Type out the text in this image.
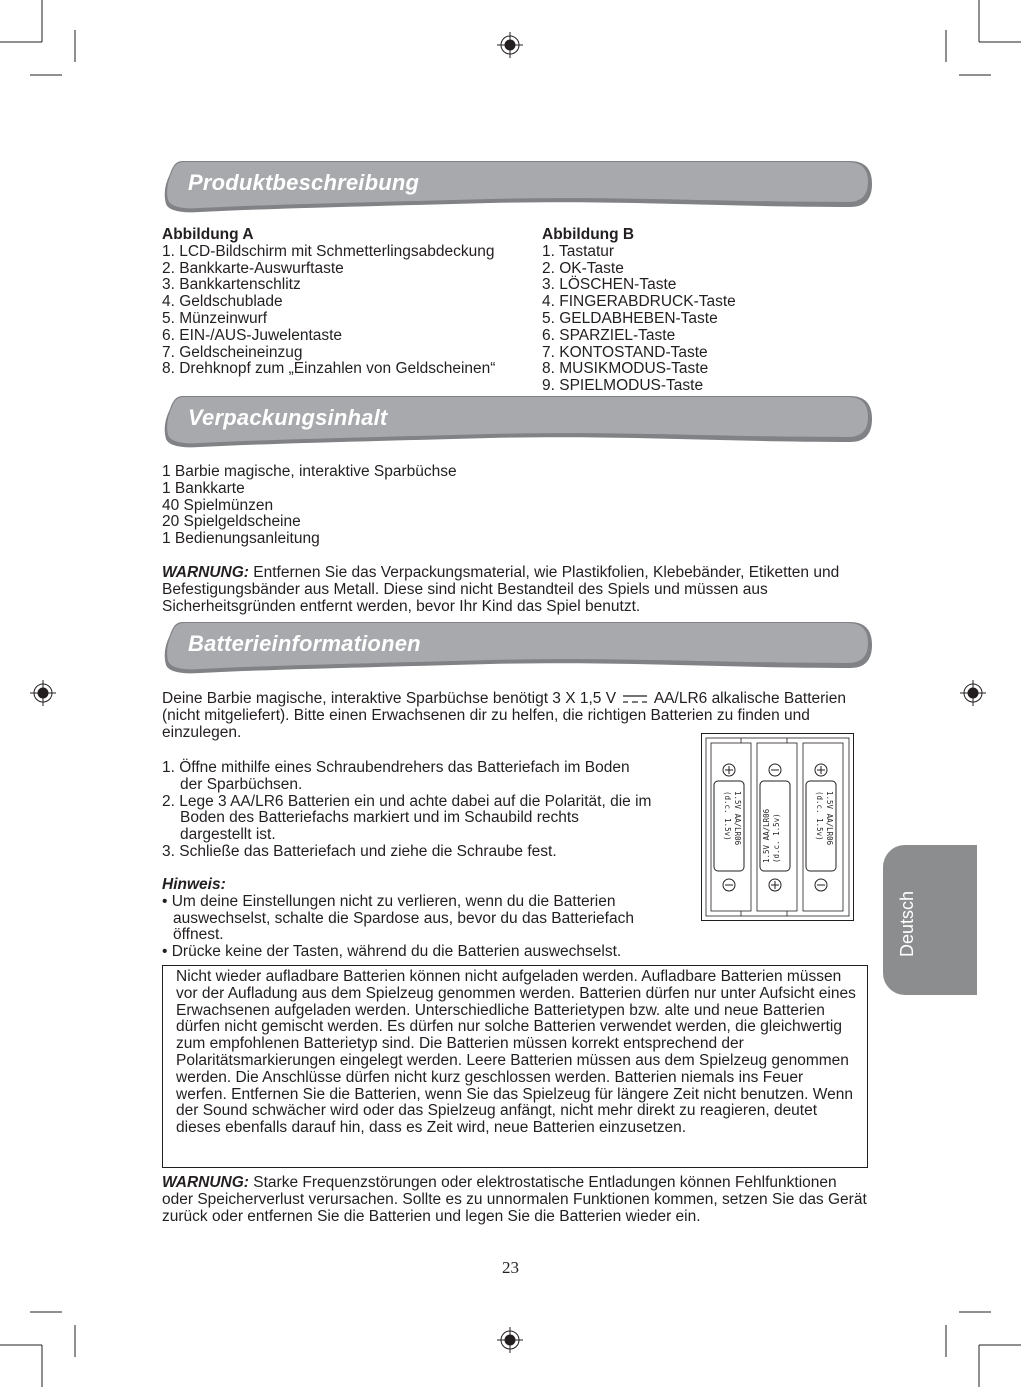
Produktbeschreibung

Abbildung A

1. LCD-Bildschirm mit Schmetterlingsabdeckung

2. Bankkarte-Auswurftaste

3. Bankkartenschlitz

4. Geldschublade

5. Münzeinwurf

6. EIN-/AUS-Juwelentaste

7. Geldscheineinzug

8. Drehknopf zum „Einzahlen von Geldscheinen“

Abbildung B

1. Tastatur

2. OK-Taste

3. LÖSCHEN-Taste

4. FINGERABDRUCK-Taste

5. GELDABHEBEN-Taste

6. SPARZIEL-Taste

7. KONTOSTAND-Taste

8. MUSIKMODUS-Taste

9. SPIELMODUS-Taste

Verpackungsinhalt

1 Barbie magische, interaktive Sparbüchse

1 Bankkarte

40 Spielmünzen

20 Spielgeldscheine

1 Bedienungsanleitung

WARNUNG: Entfernen Sie das Verpackungsmaterial, wie Plastikfolien, Klebebänder, Etiketten und Befestigungsbänder aus Metall. Diese sind nicht Bestandteil des Spiels und müssen aus Sicherheitsgründen entfernt werden, bevor Ihr Kind das Spiel benutzt.

Batterieinformationen

Deine Barbie magische, interaktive Sparbüchse benötigt 3 X 1,5 V  AA/LR6 alkalische Batterien (nicht mitgeliefert). Bitte einen Erwachsenen dir zu helfen, die richtigen Batterien zu finden und einzulegen.

1. Öffne mithilfe eines Schraubendrehers das Batteriefach im Boden der Sparbüchsen.

2. Lege 3 AA/LR6 Batterien ein und achte dabei auf die Polarität, die im Boden des Batteriefachs markiert und im Schaubild rechts dargestellt ist.

3. Schließe das Batteriefach und ziehe die Schraube fest.

Hinweis:

• Um deine Einstellungen nicht zu verlieren, wenn du die Batterien auswechselst, schalte die Spardose aus, bevor du das Batteriefach öffnest.

• Drücke keine der Tasten, während du die Batterien auswechselst.

1.5V AA/LR06
(d.c. 1.5v)	1.5V AA/LR06 (d.c. 1.5v)	1.5V AA/LR06
(d.c. 1.5v)
Deutsch

Nicht wieder aufladbare Batterien können nicht aufgeladen werden. Aufladbare Batterien müssen vor der Aufladung aus dem Spielzeug genommen werden. Batterien dürfen nur unter Aufsicht eines Erwachsenen aufgeladen werden. Unterschiedliche Batterietypen bzw. alte und neue Batterien dürfen nicht gemischt werden. Es dürfen nur solche Batterien verwendet werden, die gleichwertig zum empfohlenen Batterietyp sind. Die Batterien müssen korrekt entsprechend der Polaritätsmarkierungen eingelegt werden. Leere Batterien müssen aus dem Spielzeug genommen werden. Die Anschlüsse dürfen nicht kurz geschlossen werden. Batterien niemals ins Feuer werfen. Entfernen Sie die Batterien, wenn Sie das Spielzeug für längere Zeit nicht benutzen. Wenn der Sound schwächer wird oder das Spielzeug anfängt, nicht mehr direkt zu reagieren, deutet dieses ebenfalls darauf hin, dass es Zeit wird, neue Batterien einzusetzen.

WARNUNG: Starke Frequenzstörungen oder elektrostatische Entladungen können Fehlfunktionen oder Speicherverlust verursachen. Sollte es zu unnormalen Funktionen kommen, setzen Sie das Gerät zurück oder entfernen Sie die Batterien und legen Sie die Batterien wieder ein.

23
